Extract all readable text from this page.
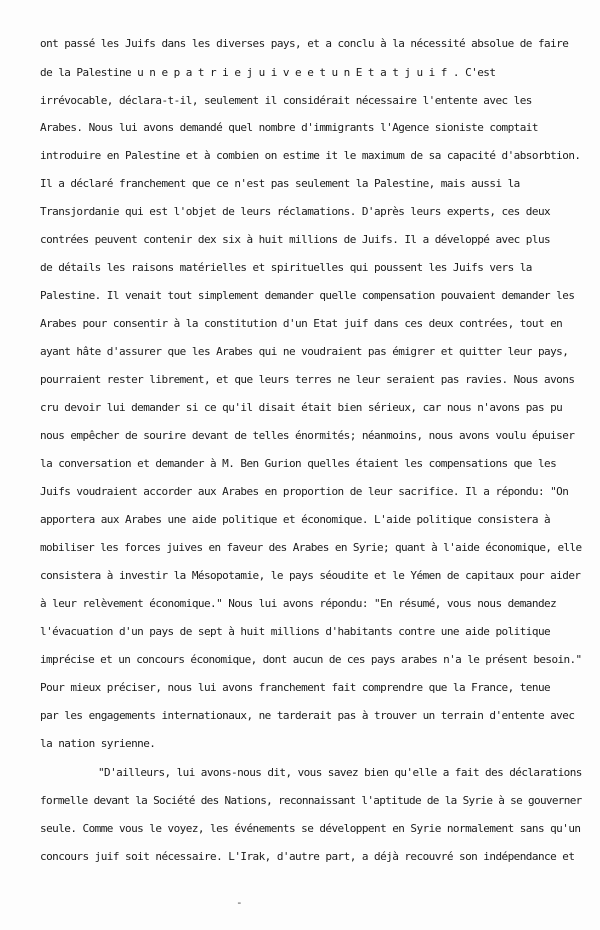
ont passé les Juifs dans les diverses pays, et a conclu à la nécessité absolue de faire
de la Palestine u n e p a t r i e j u i v e e t u n E t a t j u i f . C'est
irrévocable, déclara-t-il, seulement il considérait nécessaire l'entente avec les
Arabes. Nous lui avons demandé quel nombre d'immigrants l'Agence sioniste comptait
introduire en Palestine et à combien on estime it le maximum de sa capacité d'absorbtion.
Il a déclaré franchement que ce n'est pas seulement la Palestine, mais aussi la
Transjordanie qui est l'objet de leurs réclamations. D'après leurs experts, ces deux
contrées peuvent contenir dex six à huit millions de Juifs. Il a développé avec plus
de détails les raisons matérielles et spirituelles qui poussent les Juifs vers la
Palestine. Il venait tout simplement demander quelle compensation pouvaient demander les
Arabes pour consentir à la constitution d'un Etat juif dans ces deux contrées, tout en
ayant hâte d'assurer que les Arabes qui ne voudraient pas émigrer et quitter leur pays,
pourraient rester librement, et que leurs terres ne leur seraient pas ravies. Nous avons
cru devoir lui demander si ce qu'il disait était bien sérieux, car nous n'avons pas pu
nous empêcher de sourire devant de telles énormités; néanmoins, nous avons voulu épuiser
la conversation et demander à M. Ben Gurion quelles étaient les compensations que les
Juifs voudraient accorder aux Arabes en proportion de leur sacrifice. Il a répondu: "On
apportera aux Arabes une aide politique et économique. L'aide politique consistera à
mobiliser les forces juives en faveur des Arabes en Syrie; quant à l'aide économique, elle
consistera à investir la Mésopotamie, le pays séoudite et le Yémen de capitaux pour aider
à leur relèvement économique." Nous lui avons répondu: "En résumé, vous nous demandez
l'évacuation d'un pays de sept à huit millions d'habitants contre une aide politique
imprécise et un concours économique, dont aucun de ces pays arabes n'a le présent besoin."
Pour mieux préciser, nous lui avons franchement fait comprendre que la France, tenue
par les engagements internationaux, ne tarderait pas à trouver un terrain d'entente avec
la nation syrienne.
"D'ailleurs, lui avons-nous dit, vous savez bien qu'elle a fait des déclarations
formelle devant la Société des Nations, reconnaissant l'aptitude de la Syrie à se gouverner
seule. Comme vous le voyez, les événements se développent en Syrie normalement sans qu'un
concours juif soit nécessaire. L'Irak, d'autre part, a déjà recouvré son indépendance et
-
